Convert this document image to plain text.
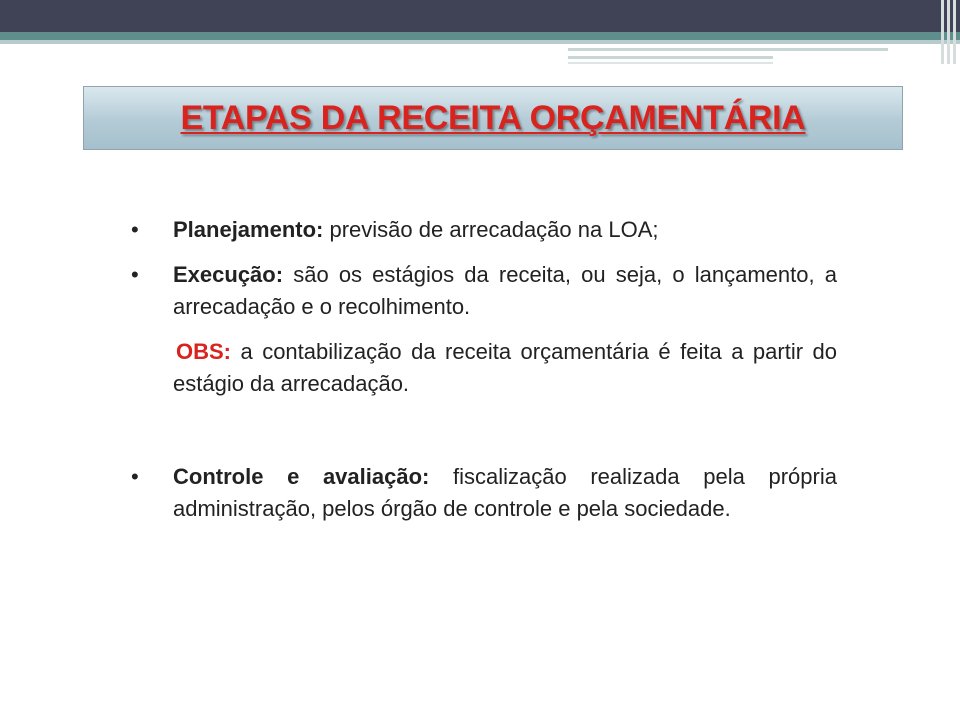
ETAPAS DA RECEITA ORÇAMENTÁRIA
•	Planejamento: previsão de arrecadação na LOA;
•	Execução: são os estágios da receita, ou seja, o lançamento, a arrecadação e o recolhimento.
OBS: a contabilização da receita orçamentária é feita a partir do estágio da arrecadação.
•	Controle e avaliação: fiscalização realizada pela própria administração, pelos órgão de controle e pela sociedade.
